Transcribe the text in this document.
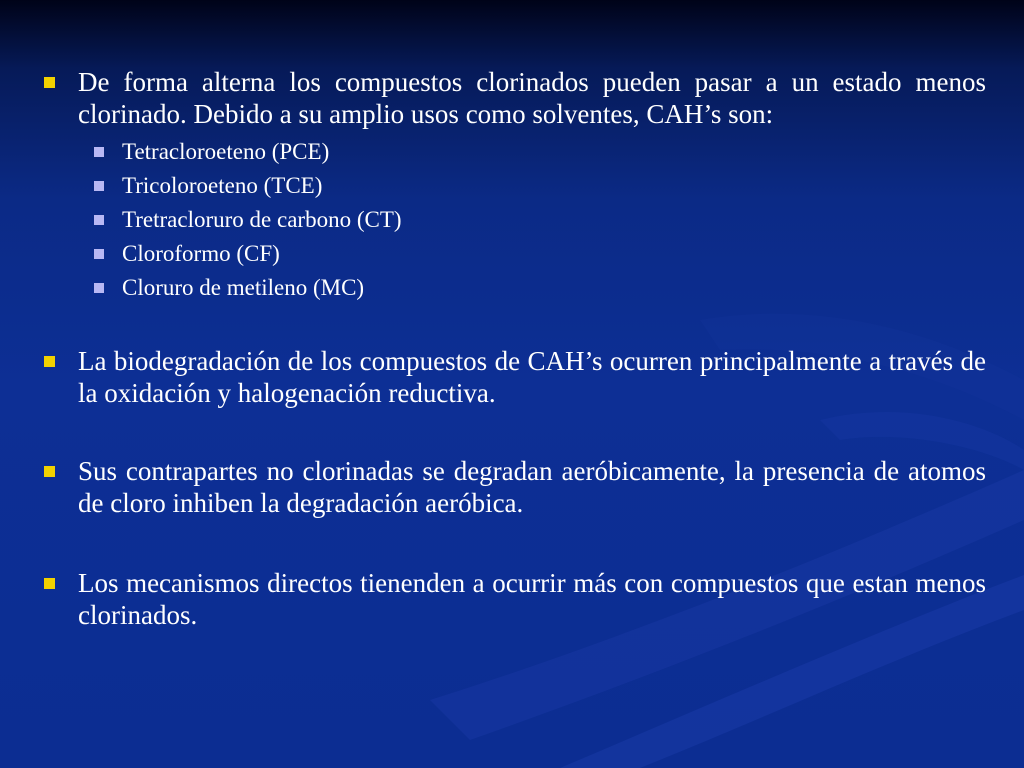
De forma alterna los compuestos clorinados pueden pasar a un estado menos clorinado. Debido a su amplio usos como solventes, CAH’s son:
Tetracloroeteno (PCE)
Tricoloroeteno (TCE)
Tretracloruro de carbono (CT)
Cloroformo (CF)
Cloruro de metileno (MC)
La biodegradación de los compuestos de CAH’s ocurren principalmente a través de la oxidación y halogenación reductiva.
Sus contrapartes no clorinadas se degradan aeróbicamente, la presencia de atomos de cloro inhiben la degradación aeróbica.
Los mecanismos directos tienenden a ocurrir más con compuestos que estan menos clorinados.
